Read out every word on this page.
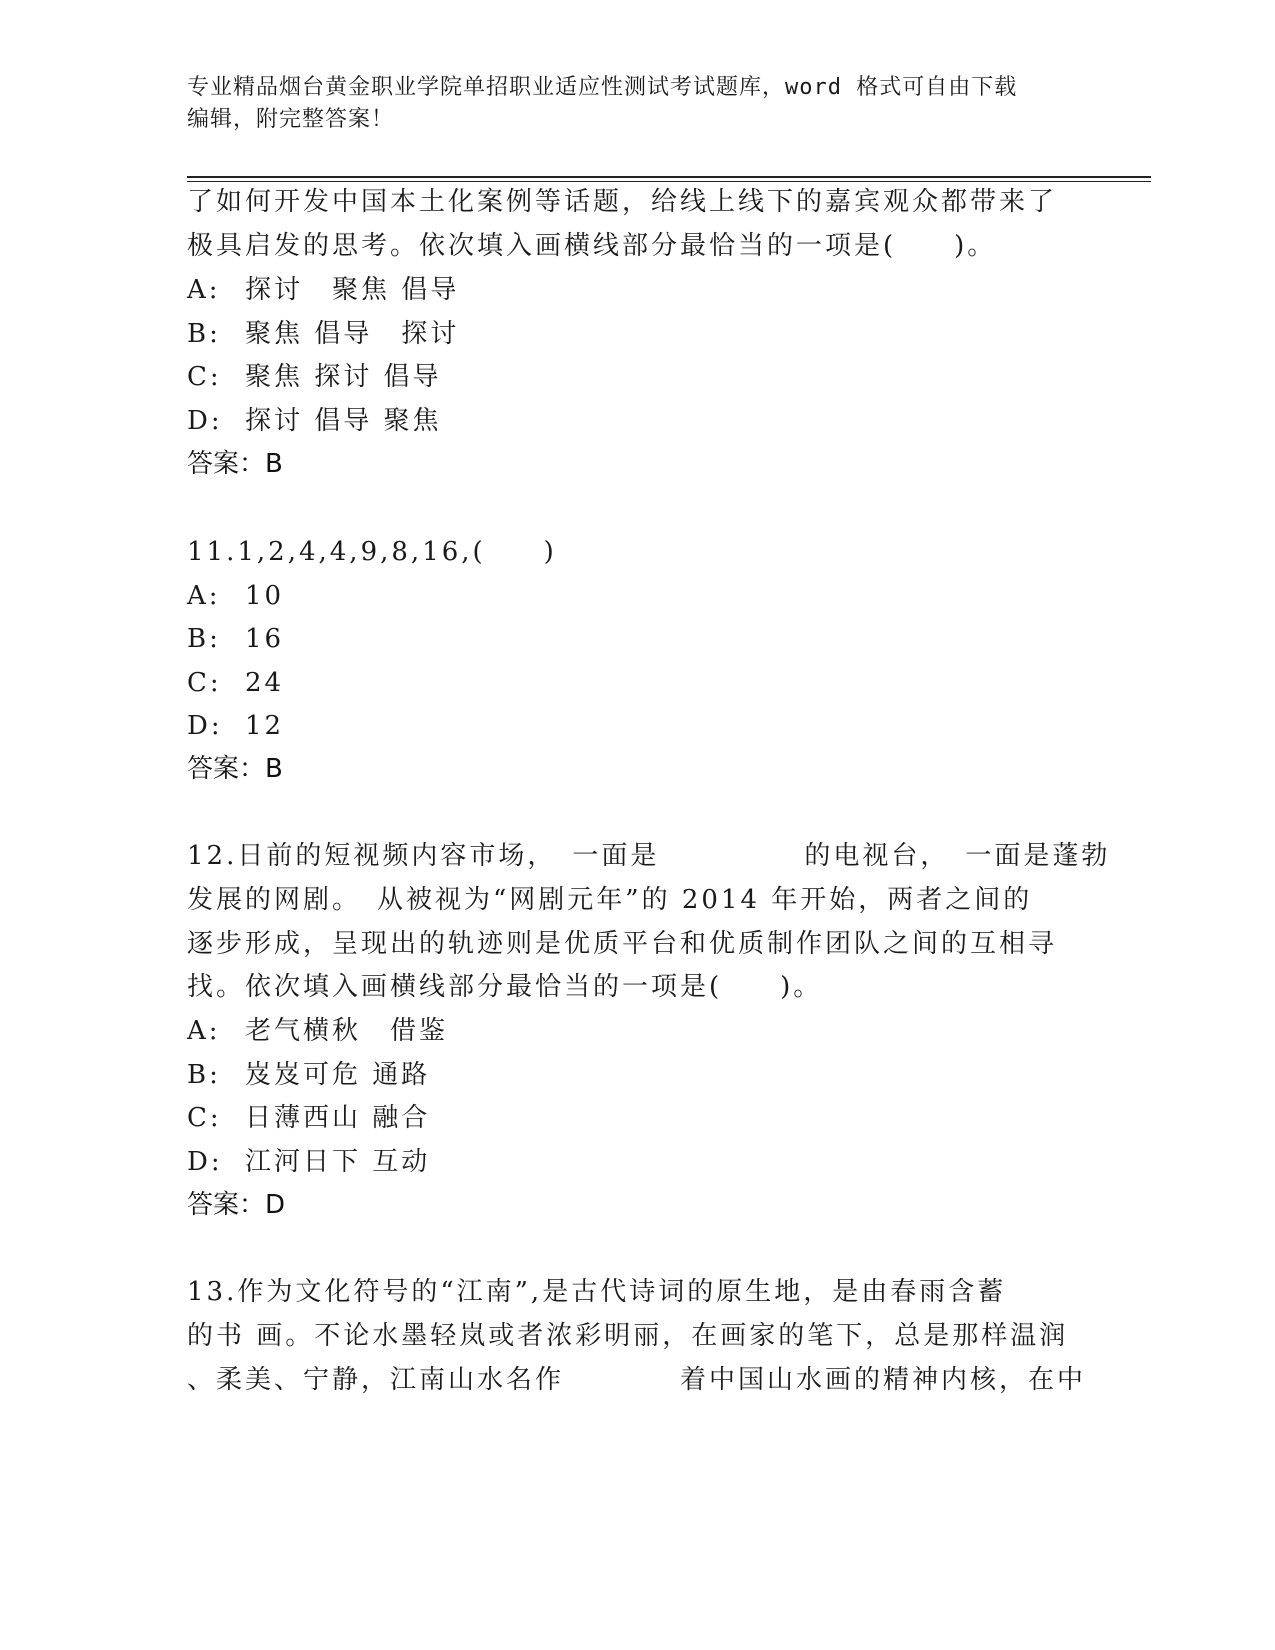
专业精品烟台黄金职业学院单招职业适应性测试考试题库，word 格式可自由下载
编辑，附完整答案！
了如何开发中国本土化案例等话题，给线上线下的嘉宾观众都带来了
极具启发的思考。依次填入画横线部分最恰当的一项是(　　)。
A: 探讨　聚焦 倡导
B: 聚焦 倡导　探讨
C: 聚焦 探讨 倡导
D: 探讨 倡导 聚焦
答案：B
11.1,2,4,4,9,8,16,(　　)
A: 10
B: 16
C: 24
D: 12
答案：B
12.日前的短视频内容市场，　一面是　　　　　的电视台，　一面是蓬勃
发展的网剧。　从被视为“网剧元年”的 2014 年开始，两者之间的
逐步形成，呈现出的轨迹则是优质平台和优质制作团队之间的互相寻
找。依次填入画横线部分最恰当的一项是(　　)。
A: 老气横秋　借鉴
B: 岌岌可危 通路
C: 日薄西山 融合
D: 江河日下 互动
答案：D
13.作为文化符号的“江南”,是古代诗词的原生地，是由春雨含蓄
的书 画。不论水墨轻岚或者浓彩明丽，在画家的笔下，总是那样温润
、柔美、宁静，江南山水名作　　　　着中国山水画的精神内核，在中
